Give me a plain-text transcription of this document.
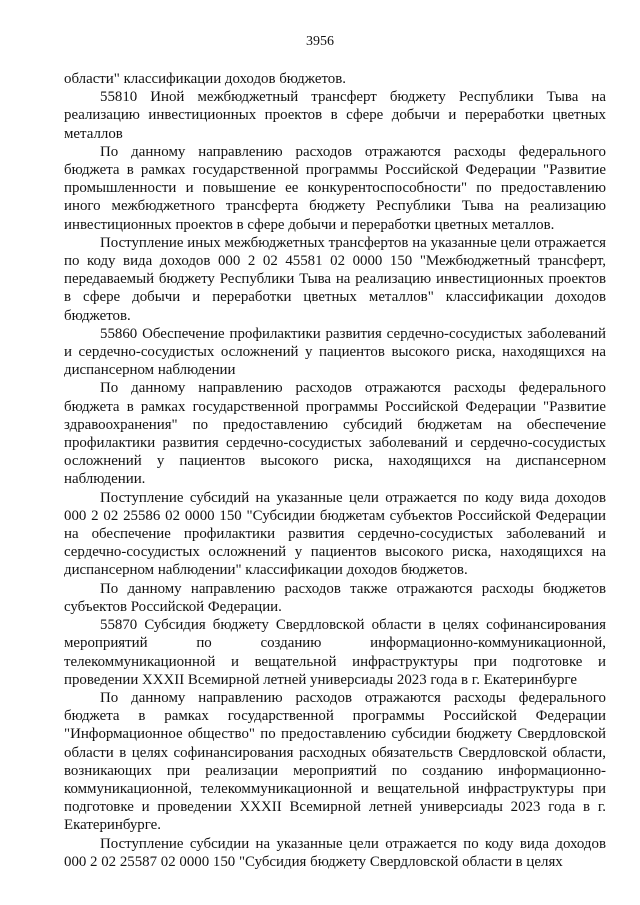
3956

области" классификации доходов бюджетов.

55810 Иной межбюджетный трансферт бюджету Республики Тыва на реализацию инвестиционных проектов в сфере добычи и переработки цветных металлов

По данному направлению расходов отражаются расходы федерального бюджета в рамках государственной программы Российской Федерации "Развитие промышленности и повышение ее конкурентоспособности" по предоставлению иного межбюджетного трансферта бюджету Республики Тыва на реализацию инвестиционных проектов в сфере добычи и переработки цветных металлов.

Поступление иных межбюджетных трансфертов на указанные цели отражается по коду вида доходов 000 2 02 45581 02 0000 150 "Межбюджетный трансферт, передаваемый бюджету Республики Тыва на реализацию инвестиционных проектов в сфере добычи и переработки цветных металлов" классификации доходов бюджетов.

55860 Обеспечение профилактики развития сердечно-сосудистых заболеваний и сердечно-сосудистых осложнений у пациентов высокого риска, находящихся на диспансерном наблюдении

По данному направлению расходов отражаются расходы федерального бюджета в рамках государственной программы Российской Федерации "Развитие здравоохранения" по предоставлению субсидий бюджетам на обеспечение профилактики развития сердечно-сосудистых заболеваний и сердечно-сосудистых осложнений у пациентов высокого риска, находящихся на диспансерном наблюдении.

Поступление субсидий на указанные цели отражается по коду вида доходов 000 2 02 25586 02 0000 150 "Субсидии бюджетам субъектов Российской Федерации на обеспечение профилактики развития сердечно-сосудистых заболеваний и сердечно-сосудистых осложнений у пациентов высокого риска, находящихся на диспансерном наблюдении" классификации доходов бюджетов.

По данному направлению расходов также отражаются расходы бюджетов субъектов Российской Федерации.

55870 Субсидия бюджету Свердловской области в целях софинансирования мероприятий по созданию информационно-коммуникационной, телекоммуникационной и вещательной инфраструктуры при подготовке и проведении XXXII Всемирной летней универсиады 2023 года в г. Екатеринбурге

По данному направлению расходов отражаются расходы федерального бюджета в рамках государственной программы Российской Федерации "Информационное общество" по предоставлению субсидии бюджету Свердловской области в целях софинансирования расходных обязательств Свердловской области, возникающих при реализации мероприятий по созданию информационно-коммуникационной, телекоммуникационной и вещательной инфраструктуры при подготовке и проведении XXXII Всемирной летней универсиады 2023 года в г. Екатеринбурге.

Поступление субсидии на указанные цели отражается по коду вида доходов 000 2 02 25587 02 0000 150 "Субсидия бюджету Свердловской области в целях
